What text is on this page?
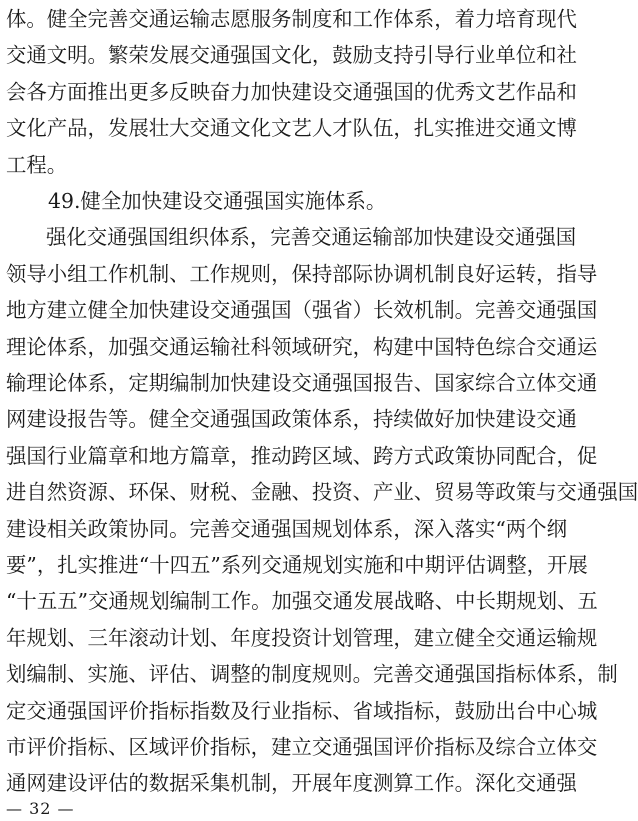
体。健全完善交通运输志愿服务制度和工作体系，着力培育现代
交通文明。繁荣发展交通强国文化，鼓励支持引导行业单位和社
会各方面推出更多反映奋力加快建设交通强国的优秀文艺作品和
文化产品，发展壮大交通文化文艺人才队伍，扎实推进交通文博
工程。
49.健全加快建设交通强国实施体系。
强化交通强国组织体系，完善交通运输部加快建设交通强国
领导小组工作机制、工作规则，保持部际协调机制良好运转，指导
地方建立健全加快建设交通强国（强省）长效机制。完善交通强国
理论体系，加强交通运输社科领域研究，构建中国特色综合交通运
输理论体系，定期编制加快建设交通强国报告、国家综合立体交通
网建设报告等。健全交通强国政策体系，持续做好加快建设交通
强国行业篇章和地方篇章，推动跨区域、跨方式政策协同配合，促
进自然资源、环保、财税、金融、投资、产业、贸易等政策与交通强国
建设相关政策协同。完善交通强国规划体系，深入落实“两个纲
要”，扎实推进“十四五”系列交通规划实施和中期评估调整，开展
“十五五”交通规划编制工作。加强交通发展战略、中长期规划、五
年规划、三年滚动计划、年度投资计划管理，建立健全交通运输规
划编制、实施、评估、调整的制度规则。完善交通强国指标体系，制
定交通强国评价指标指数及行业指标、省域指标，鼓励出台中心城
市评价指标、区域评价指标，建立交通强国评价指标及综合立体交
通网建设评估的数据采集机制，开展年度测算工作。深化交通强
— 32 —
